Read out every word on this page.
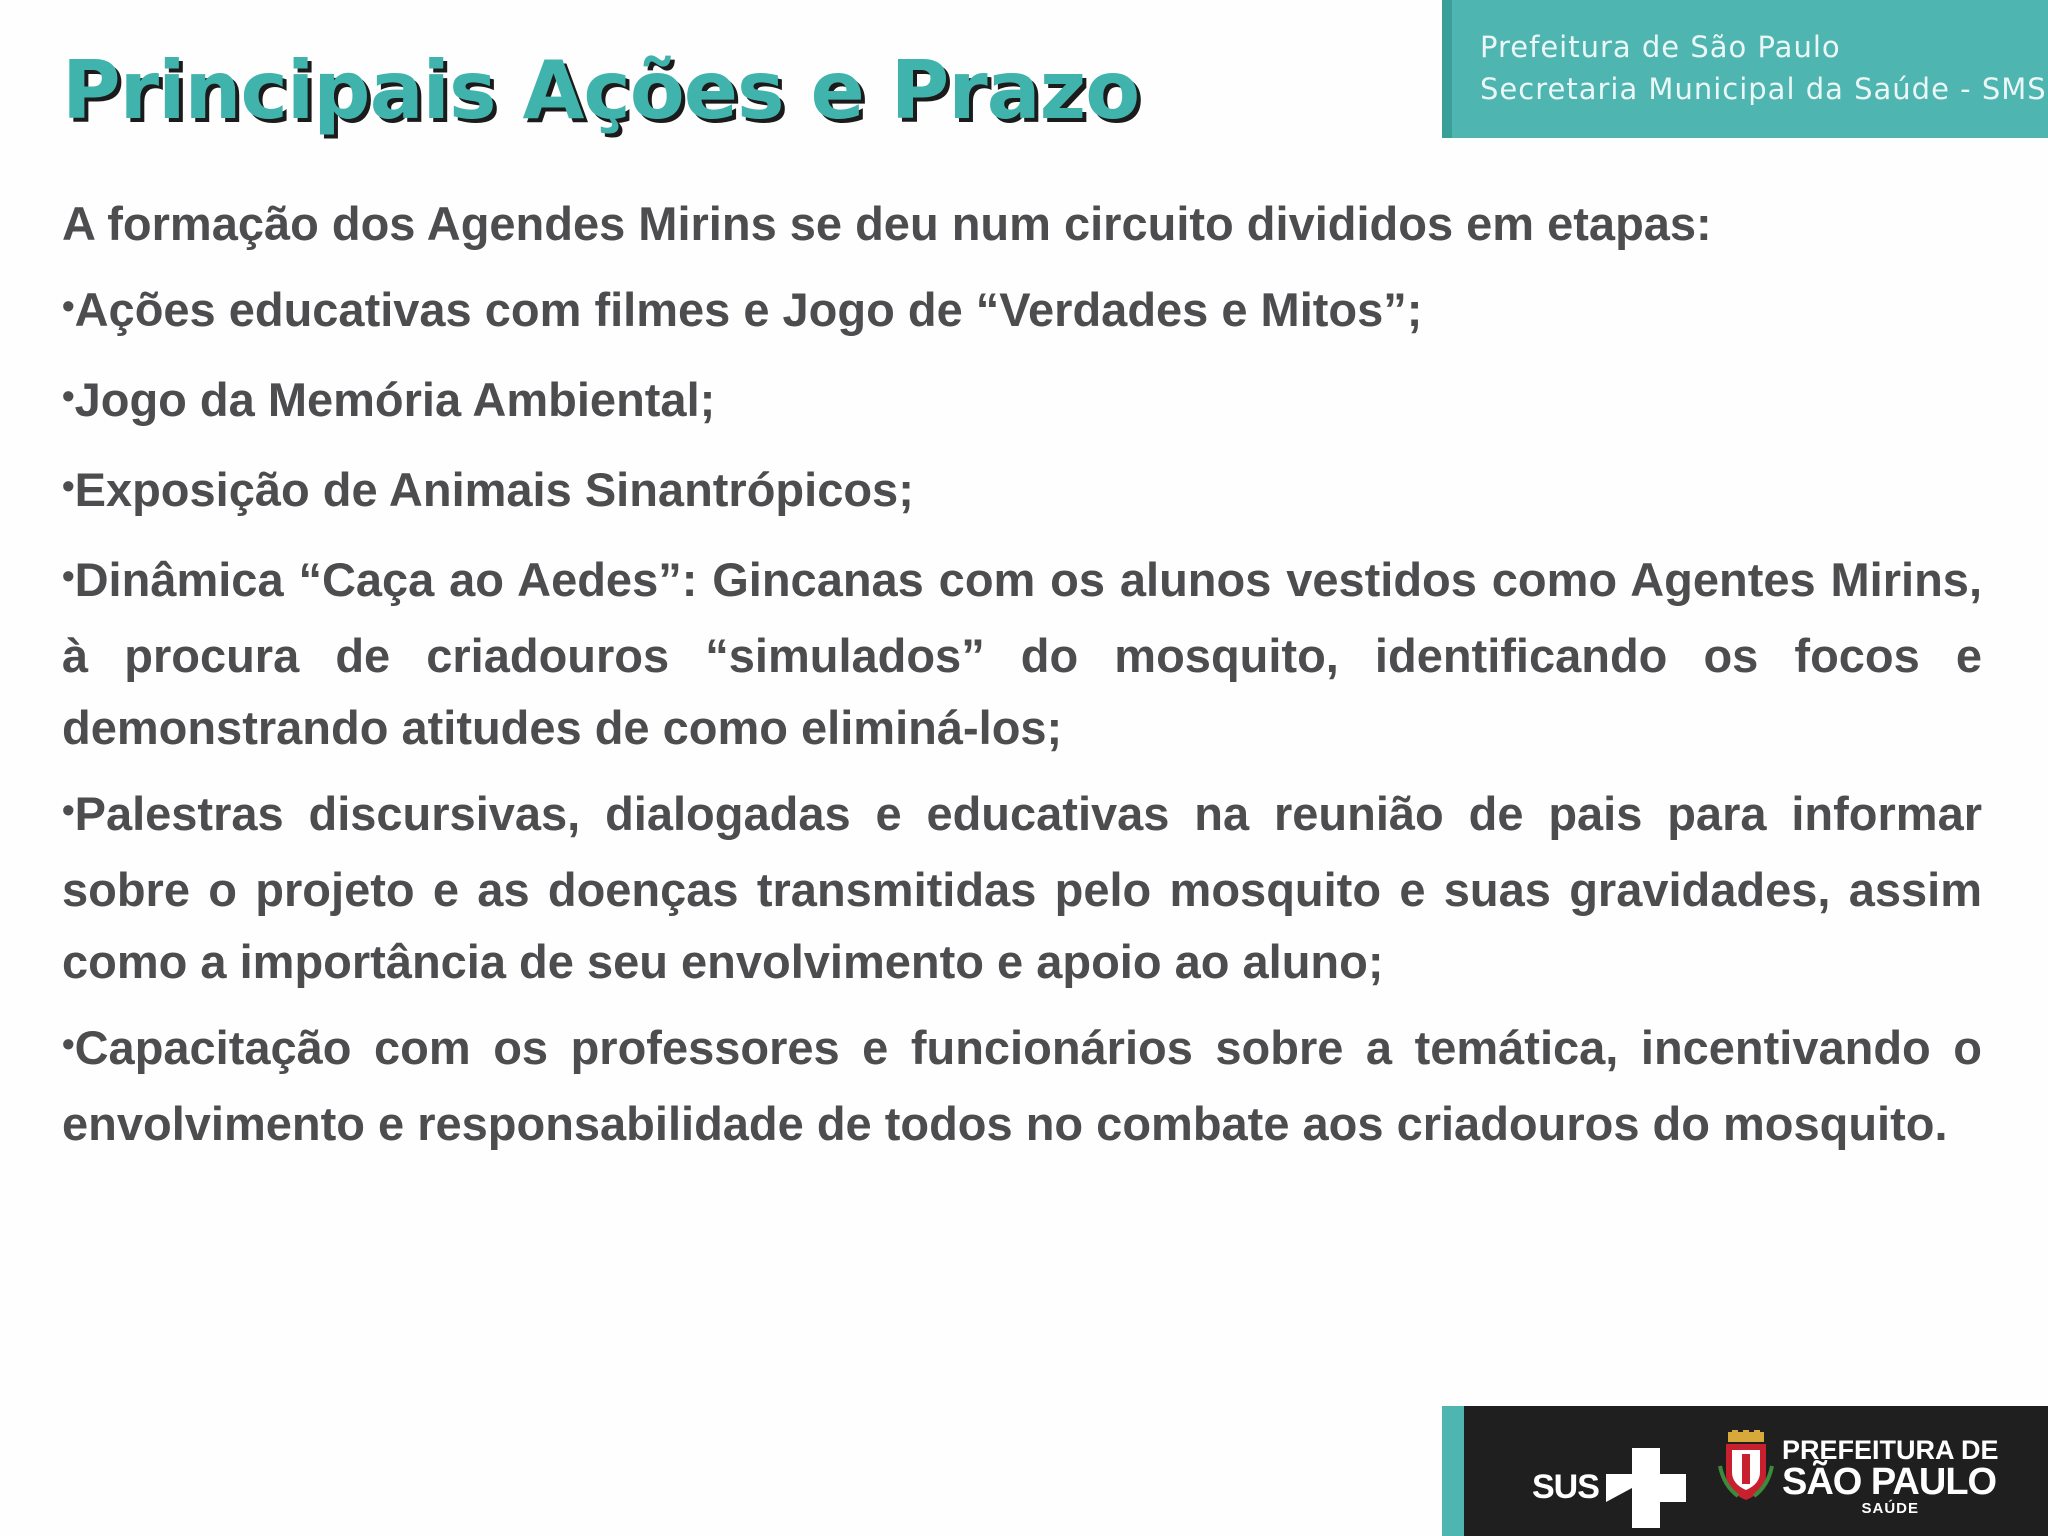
Prefeitura de São Paulo
Secretaria Municipal da Saúde - SMS
Principais Ações e Prazo

A formação dos Agendes Mirins se deu num circuito divididos em etapas:

•Ações educativas com filmes e Jogo de “Verdades e Mitos”;

•Jogo da Memória Ambiental;

•Exposição de Animais Sinantrópicos;

•Dinâmica “Caça ao Aedes”: Gincanas com os alunos vestidos como Agentes Mirins, à procura de criadouros “simulados” do mosquito, identificando os focos e demonstrando atitudes de como eliminá-los;

•Palestras discursivas, dialogadas e educativas na reunião de pais para informar sobre o projeto e as doenças transmitidas pelo mosquito e suas gravidades, assim como a importância de seu envolvimento e apoio ao aluno;

•Capacitação com os professores e funcionários sobre a temática, incentivando o envolvimento e responsabilidade de todos no combate aos criadouros do mosquito.

SUS
PREFEITURA DE
SÃO PAULO
SAÚDE
